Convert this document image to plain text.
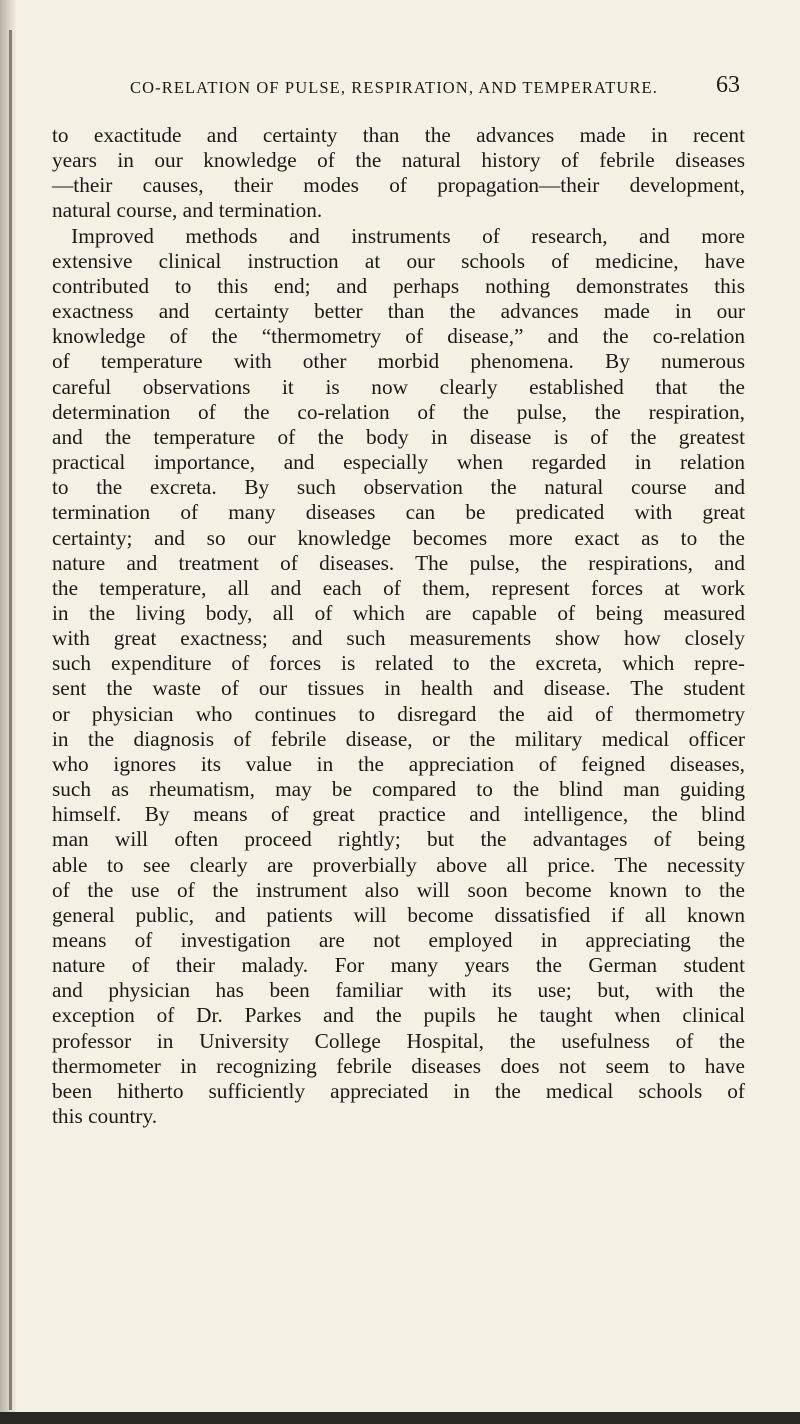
CO-RELATION OF PULSE, RESPIRATION, AND TEMPERATURE. 63

to exactitude and certainty than the advances made in recent

years in our knowledge of the natural history of febrile diseases

—their causes, their modes of propagation—their development,

natural course, and termination.

Improved methods and instruments of research, and more

extensive clinical instruction at our schools of medicine, have

contributed to this end; and perhaps nothing demonstrates this

exactness and certainty better than the advances made in our

knowledge of the “thermometry of disease,” and the co-relation

of temperature with other morbid phenomena. By numerous

careful observations it is now clearly established that the

determination of the co-relation of the pulse, the respiration,

and the temperature of the body in disease is of the greatest

practical importance, and especially when regarded in relation

to the excreta. By such observation the natural course and

termination of many diseases can be predicated with great

certainty; and so our knowledge becomes more exact as to the

nature and treatment of diseases. The pulse, the respirations, and

the temperature, all and each of them, represent forces at work

in the living body, all of which are capable of being measured

with great exactness; and such measurements show how closely

such expenditure of forces is related to the excreta, which repre-

sent the waste of our tissues in health and disease. The student

or physician who continues to disregard the aid of thermometry

in the diagnosis of febrile disease, or the military medical officer

who ignores its value in the appreciation of feigned diseases,

such as rheumatism, may be compared to the blind man guiding

himself. By means of great practice and intelligence, the blind

man will often proceed rightly; but the advantages of being

able to see clearly are proverbially above all price. The necessity

of the use of the instrument also will soon become known to the

general public, and patients will become dissatisfied if all known

means of investigation are not employed in appreciating the

nature of their malady. For many years the German student

and physician has been familiar with its use; but, with the

exception of Dr. Parkes and the pupils he taught when clinical

professor in University College Hospital, the usefulness of the

thermometer in recognizing febrile diseases does not seem to have

been hitherto sufficiently appreciated in the medical schools of

this country.
